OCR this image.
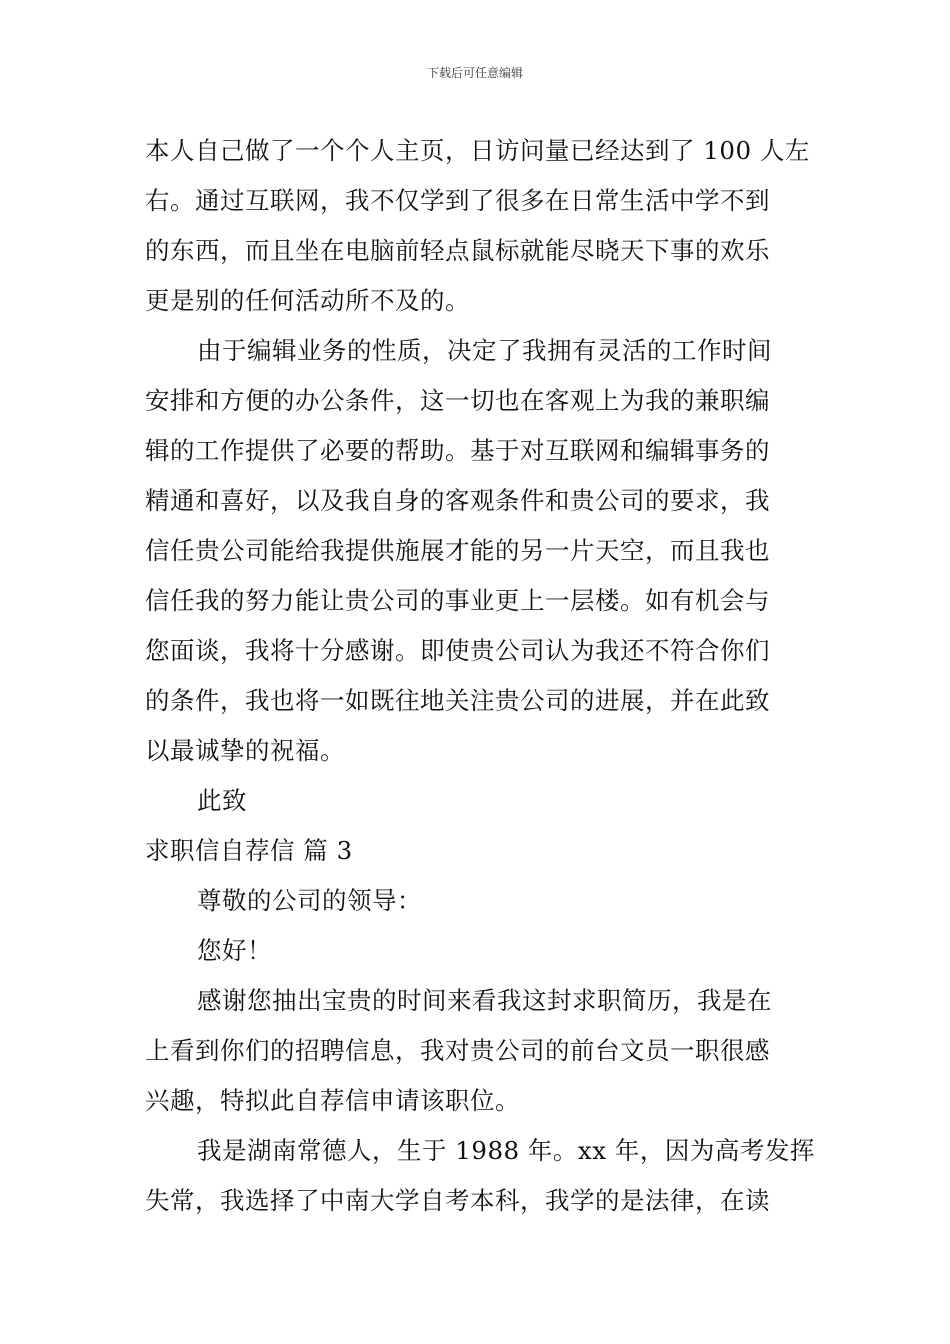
下载后可任意编辑
本人自己做了一个个人主页，日访问量已经达到了 100 人左
右。通过互联网，我不仅学到了很多在日常生活中学不到
的东西，而且坐在电脑前轻点鼠标就能尽晓天下事的欢乐
更是别的任何活动所不及的。
由于编辑业务的性质，决定了我拥有灵活的工作时间
安排和方便的办公条件，这一切也在客观上为我的兼职编
辑的工作提供了必要的帮助。基于对互联网和编辑事务的
精通和喜好，以及我自身的客观条件和贵公司的要求，我
信任贵公司能给我提供施展才能的另一片天空，而且我也
信任我的努力能让贵公司的事业更上一层楼。如有机会与
您面谈，我将十分感谢。即使贵公司认为我还不符合你们
的条件，我也将一如既往地关注贵公司的进展，并在此致
以最诚挚的祝福。
此致
求职信自荐信 篇 3
尊敬的公司的领导：
您好！
感谢您抽出宝贵的时间来看我这封求职简历，我是在
上看到你们的招聘信息，我对贵公司的前台文员一职很感
兴趣，特拟此自荐信申请该职位。
我是湖南常德人，生于 1988 年。xx 年，因为高考发挥
失常，我选择了中南大学自考本科，我学的是法律，在读
